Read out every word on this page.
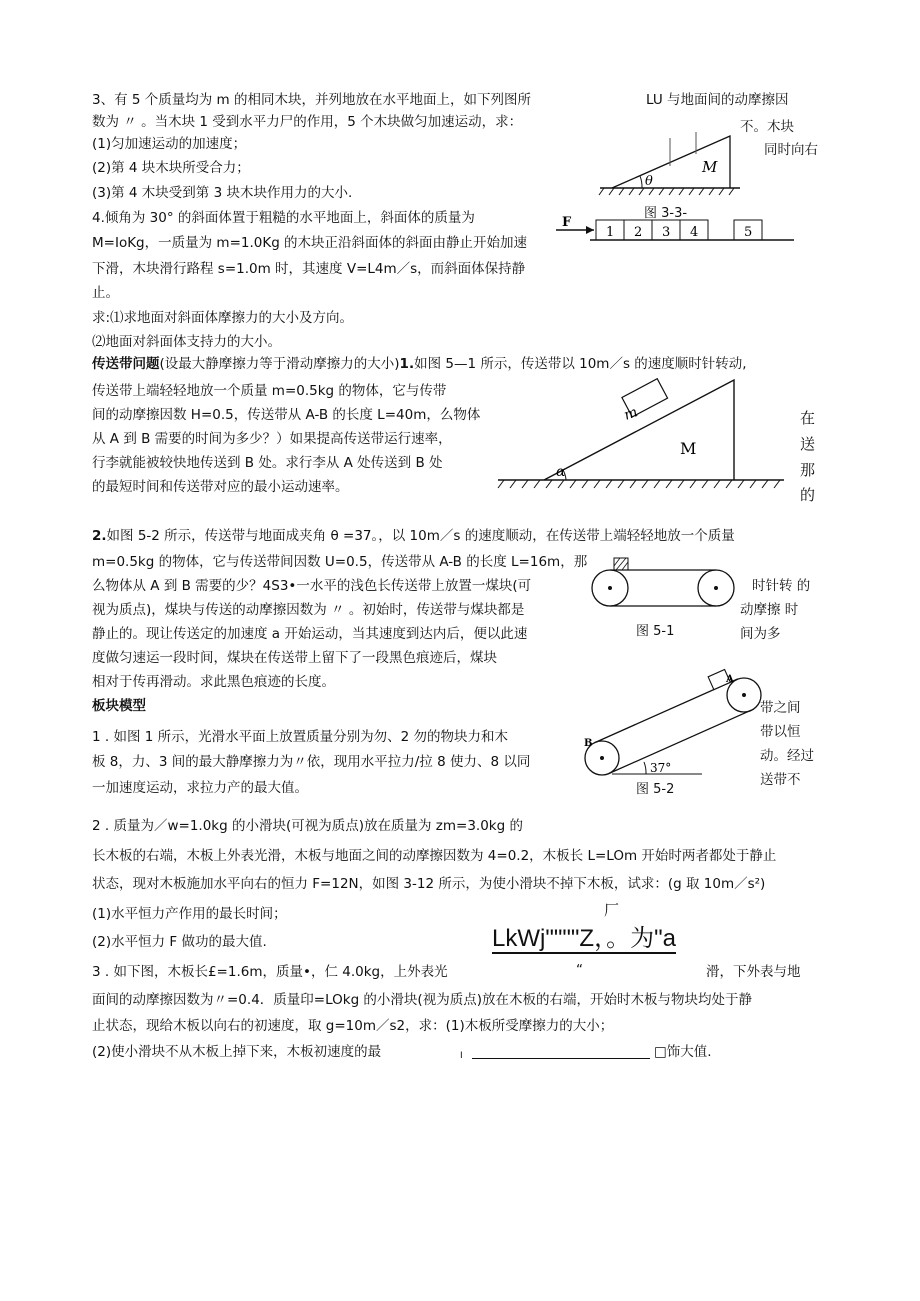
3、有 5 个质量均为 m 的相同木块，并列地放在水平地面上，如下列图所
数为 〃 。当木块 1 受到水平力尸的作用，5 个木块做匀加速运动，求：
(1)匀加速运动的加速度；
(2)第 4 块木块所受合力；
(3)第 4 木块受到第 3 块木块作用力的大小.
LU 与地面间的动摩擦因
不。木块
同时向右
θ
M
图 3-3-
F
1 2 3 4	5
4.倾角为 30° 的斜面体置于粗糙的水平地面上，斜面体的质量为
M=IoKg，一质量为 m=1.0Kg 的木块正沿斜面体的斜面由静止开始加速
下滑，木块滑行路程 s=1.0m 时，其速度 V=L4m／s，而斜面体保持静
止。
求:⑴求地面对斜面体摩擦力的大小及方向。
⑵地面对斜面体支持力的大小。
传送带问题(设最大静摩擦力等于滑动摩擦力的大小)1.如图 5—1 所示，传送带以 10m／s 的速度顺时针转动,
传送带上端轻轻地放一个质量 m=0.5kg 的物体，它与传带
间的动摩擦因数 H=0.5，传送带从 A-B 的长度 L=40m，么物体
从 A 到 B 需要的时间为多少？）如果提高传送带运行速率，
行李就能被较快地传送到 B 处。求行李从 A 处传送到 B 处
的最短时间和传送带对应的最小运动速率。
m
M
α
在
送
那
的
2.如图 5-2 所示，传送带与地面成夹角 θ =37。，以 10m／s 的速度顺动，在传送带上端轻轻地放一个质量
m=0.5kg 的物体，它与传送带间因数 U=0.5，传送带从 A-B 的长度 L=16m，那
么物体从 A 到 B 需要的少？4S3•一水平的浅色长传送带上放置一煤块(可
视为质点)，煤块与传送的动摩擦因数为 〃 。初始时，传送带与煤块都是
静止的。现让传送定的加速度 a 开始运动，当其速度到达内后，便以此速
度做匀速运一段时间，煤块在传送带上留下了一段黑色痕迹后，煤块
相对于传再滑动。求此黑色痕迹的长度。
图 5-1
时针转 的
动摩擦 时
间为多
板块模型
37°
A
B
图 5-2
带之间
带以恒
动。经过
送带不
1 . 如图 1 所示，光滑水平面上放置质量分别为勿、2 勿的物块力和木
板 8，力、3 间的最大静摩擦力为〃依，现用水平拉力/拉 8 使力、8 以同
一加速度运动，求拉力产的最大值。
2 . 质量为／w=1.0kg 的小滑块(可视为质点)放在质量为 zm=3.0kg 的
长木板的右端，木板上外表光滑，木板与地面之间的动摩擦因数为 4=0.2，木板长 L=LOm 开始时两者都处于静止
状态，现对木板施加水平向右的恒力 F=12N，如图 3-12 所示，为使小滑块不掉下木板，试求：(g 取 10m／s²)
厂
(1)水平恒力产作用的最长时间；
(2)水平恒力 F 做功的最大值.	LkWj""""Z，。为"a
3 . 如下图，木板长£=1.6m，质量•，仁 4.0kg，上外表光	“	滑，下外表与地
面间的动摩擦因数为〃=0.4．质量印=LOkg 的小滑块(视为质点)放在木板的右端，开始时木板与物块均处于静
止状态，现给木板以向右的初速度，取 g=10m／s2，求：(1)木板所受摩擦力的大小；
(2)使小滑块不从木板上掉下来，木板初速度的最	I	□饰大值.
